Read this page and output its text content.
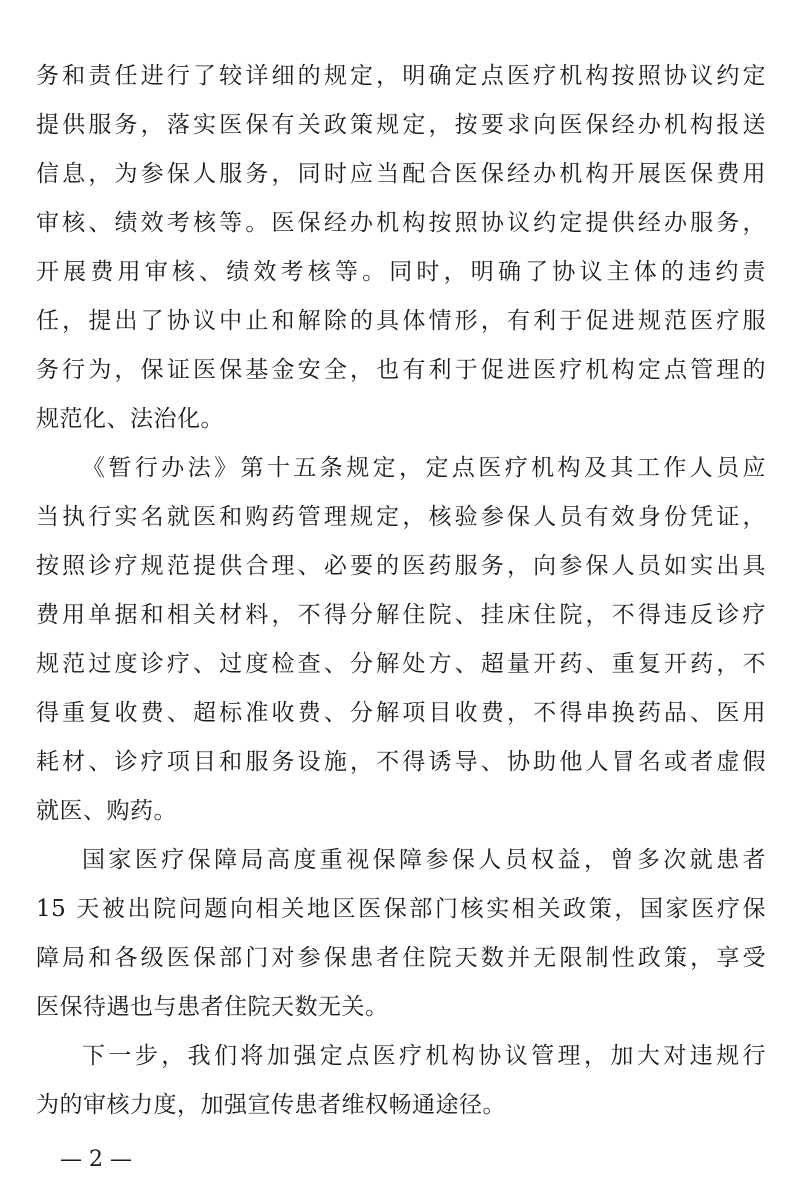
务和责任进行了较详细的规定，明确定点医疗机构按照协议约定
提供服务，落实医保有关政策规定，按要求向医保经办机构报送
信息，为参保人服务，同时应当配合医保经办机构开展医保费用
审核、绩效考核等。医保经办机构按照协议约定提供经办服务，
开展费用审核、绩效考核等。同时，明确了协议主体的违约责
任，提出了协议中止和解除的具体情形，有利于促进规范医疗服
务行为，保证医保基金安全，也有利于促进医疗机构定点管理的
规范化、法治化。
《暂行办法》第十五条规定，定点医疗机构及其工作人员应
当执行实名就医和购药管理规定，核验参保人员有效身份凭证，
按照诊疗规范提供合理、必要的医药服务，向参保人员如实出具
费用单据和相关材料，不得分解住院、挂床住院，不得违反诊疗
规范过度诊疗、过度检查、分解处方、超量开药、重复开药，不
得重复收费、超标准收费、分解项目收费，不得串换药品、医用
耗材、诊疗项目和服务设施，不得诱导、协助他人冒名或者虚假
就医、购药。
国家医疗保障局高度重视保障参保人员权益，曾多次就患者
15 天被出院问题向相关地区医保部门核实相关政策，国家医疗保
障局和各级医保部门对参保患者住院天数并无限制性政策，享受
医保待遇也与患者住院天数无关。
下一步，我们将加强定点医疗机构协议管理，加大对违规行
为的审核力度，加强宣传患者维权畅通途径。
— 2 —
